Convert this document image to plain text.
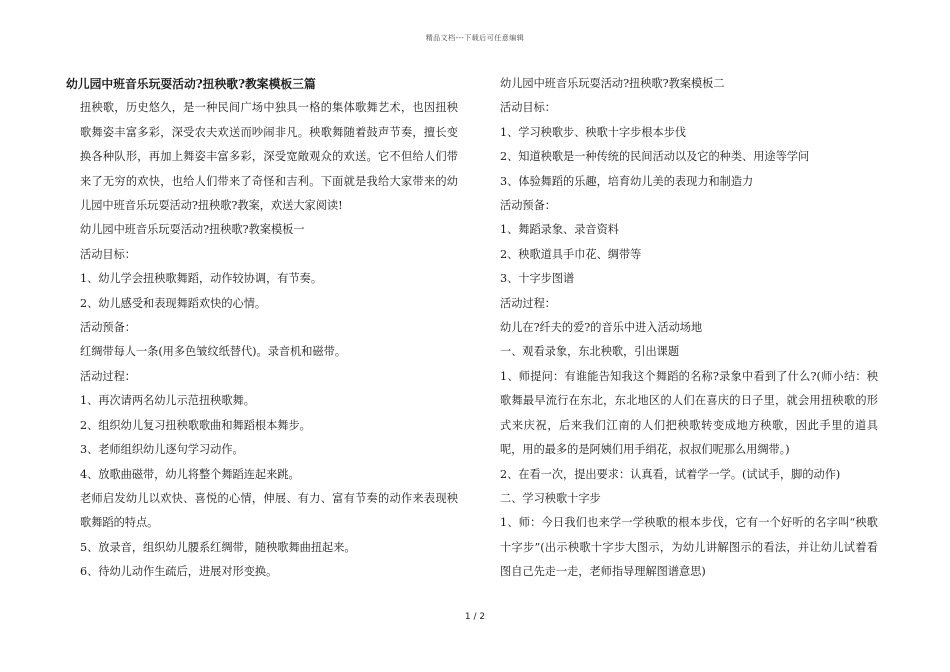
精品文档---下载后可任意编辑
幼儿园中班音乐玩耍活动?扭秧歌?教案模板三篇
扭秧歌，历史悠久，是一种民间广场中独具一格的集体歌舞艺术，也因扭秧歌舞姿丰富多彩，深受农夫欢送而吵闹非凡。秧歌舞随着鼓声节奏，擅长变换各种队形，再加上舞姿丰富多彩，深受宽敞观众的欢送。它不但给人们带来了无穷的欢快，也给人们带来了奇怪和吉利。下面就是我给大家带来的幼儿园中班音乐玩耍活动?扭秧歌?教案，欢送大家阅读!
幼儿园中班音乐玩耍活动?扭秧歌?教案模板一
活动目标：
1、幼儿学会扭秧歌舞蹈，动作较协调，有节奏。
2、幼儿感受和表现舞蹈欢快的心情。
活动预备：
红绸带每人一条(用多色皱纹纸替代)。录音机和磁带。
活动过程：
1、再次请两名幼儿示范扭秧歌舞。
2、组织幼儿复习扭秧歌歌曲和舞蹈根本舞步。
3、老师组织幼儿逐句学习动作。
4、放歌曲磁带，幼儿将整个舞蹈连起来跳。
老师启发幼儿以欢快、喜悦的心情，伸展、有力、富有节奏的动作来表现秧歌舞蹈的特点。
5、放录音，组织幼儿腰系红绸带，随秧歌舞曲扭起来。
6、待幼儿动作生疏后，进展对形变换。
幼儿园中班音乐玩耍活动?扭秧歌?教案模板二
活动目标：
1、学习秧歌步、秧歌十字步根本步伐
2、知道秧歌是一种传统的民间活动以及它的种类、用途等学问
3、体验舞蹈的乐趣，培育幼儿美的表现力和制造力
活动预备：
1、舞蹈录象、录音资料
2、秧歌道具手巾花、绸带等
3、十字步图谱
活动过程：
幼儿在?纤夫的爱?的音乐中进入活动场地
一、观看录象，东北秧歌，引出课题
1、师提问：有谁能告知我这个舞蹈的名称?录象中看到了什么?(师小结：秧歌舞最早流行在东北，东北地区的人们在喜庆的日子里，就会用扭秧歌的形式来庆祝，后来我们江南的人们把秧歌转变成地方秧歌，因此手里的道具呢，用的最多的是阿姨们用手绢花，叔叔们呢那么用绸带。)
2、在看一次，提出要求：认真看，试着学一学。(试试手，脚的动作)
二、学习秧歌十字步
1、师：今日我们也来学一学秧歌的根本步伐，它有一个好听的名字叫“秧歌十字步”(出示秧歌十字步大图示，为幼儿讲解图示的看法，并让幼儿试着看图自己先走一走，老师指导理解图谱意思)
1 / 2
